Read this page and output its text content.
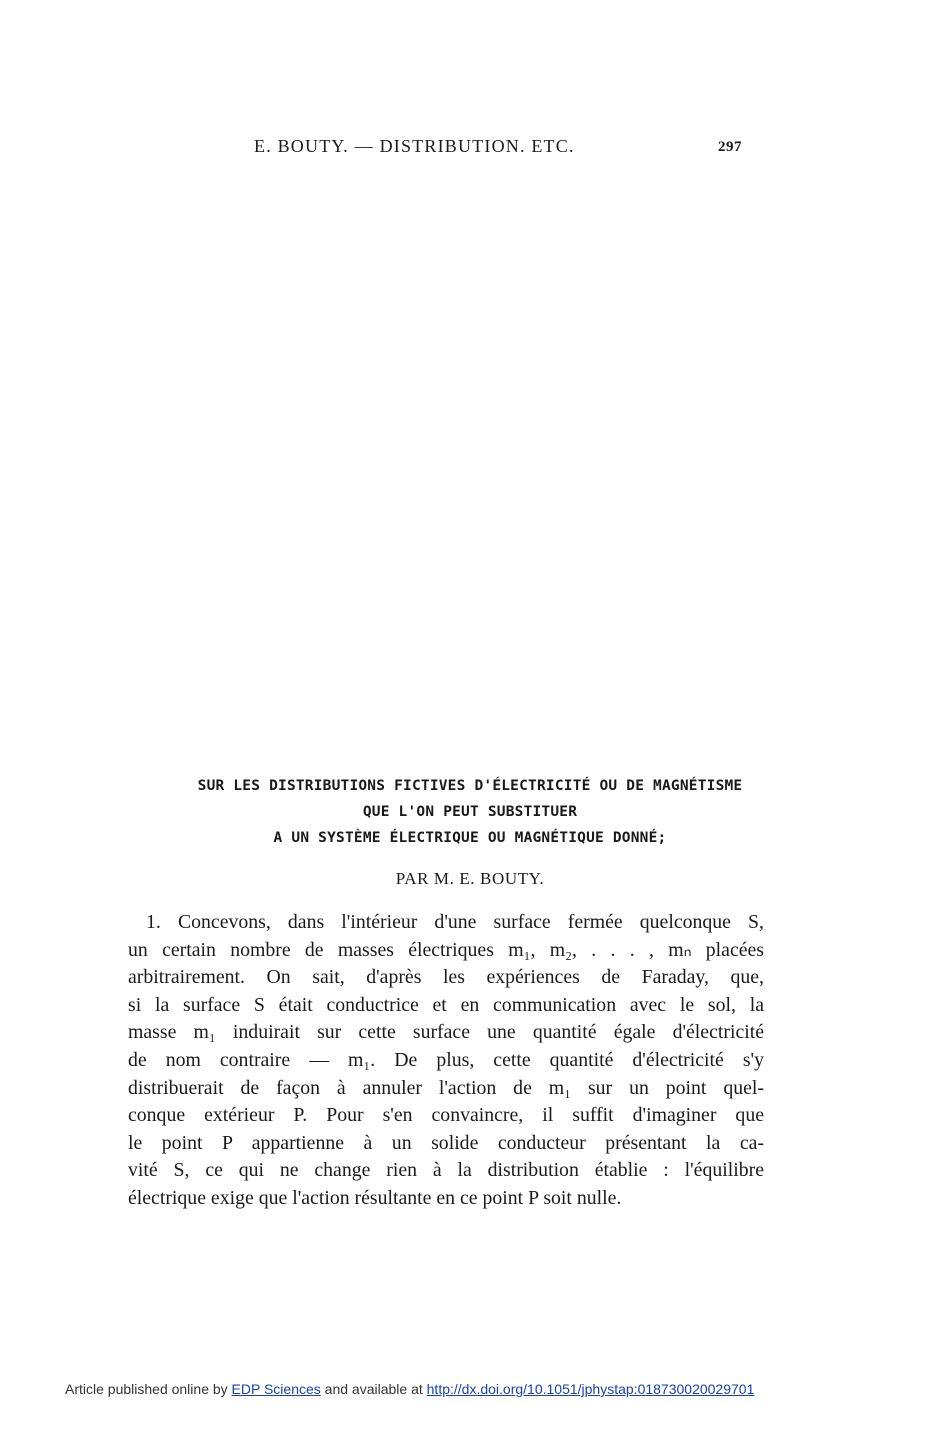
E. BOUTY. — DISTRIBUTION. ETC.	297
SUR LES DISTRIBUTIONS FICTIVES D'ÉLECTRICITÉ OU DE MAGNÉTISME
QUE L'ON PEUT SUBSTITUER
A UN SYSTÈME ÉLECTRIQUE OU MAGNÉTIQUE DONNÉ;
PAR M. E. BOUTY.
1. Concevons, dans l'intérieur d'une surface fermée quelconque S,
un certain nombre de masses électriques m₁, m₂, . . . , mₙ placées
arbitrairement. On sait, d'après les expériences de Faraday, que,
si la surface S était conductrice et en communication avec le sol, la
masse m₁ induirait sur cette surface une quantité égale d'électricité
de nom contraire — m₁. De plus, cette quantité d'électricité s'y
distribuerait de façon à annuler l'action de m₁ sur un point quel-
conque extérieur P. Pour s'en convaincre, il suffit d'imaginer que
le point P appartienne à un solide conducteur présentant la ca-
vité S, ce qui ne change rien à la distribution établie : l'équilibre
électrique exige que l'action résultante en ce point P soit nulle.
Article published online by EDP Sciences and available at http://dx.doi.org/10.1051/jphystap:018730020029701
